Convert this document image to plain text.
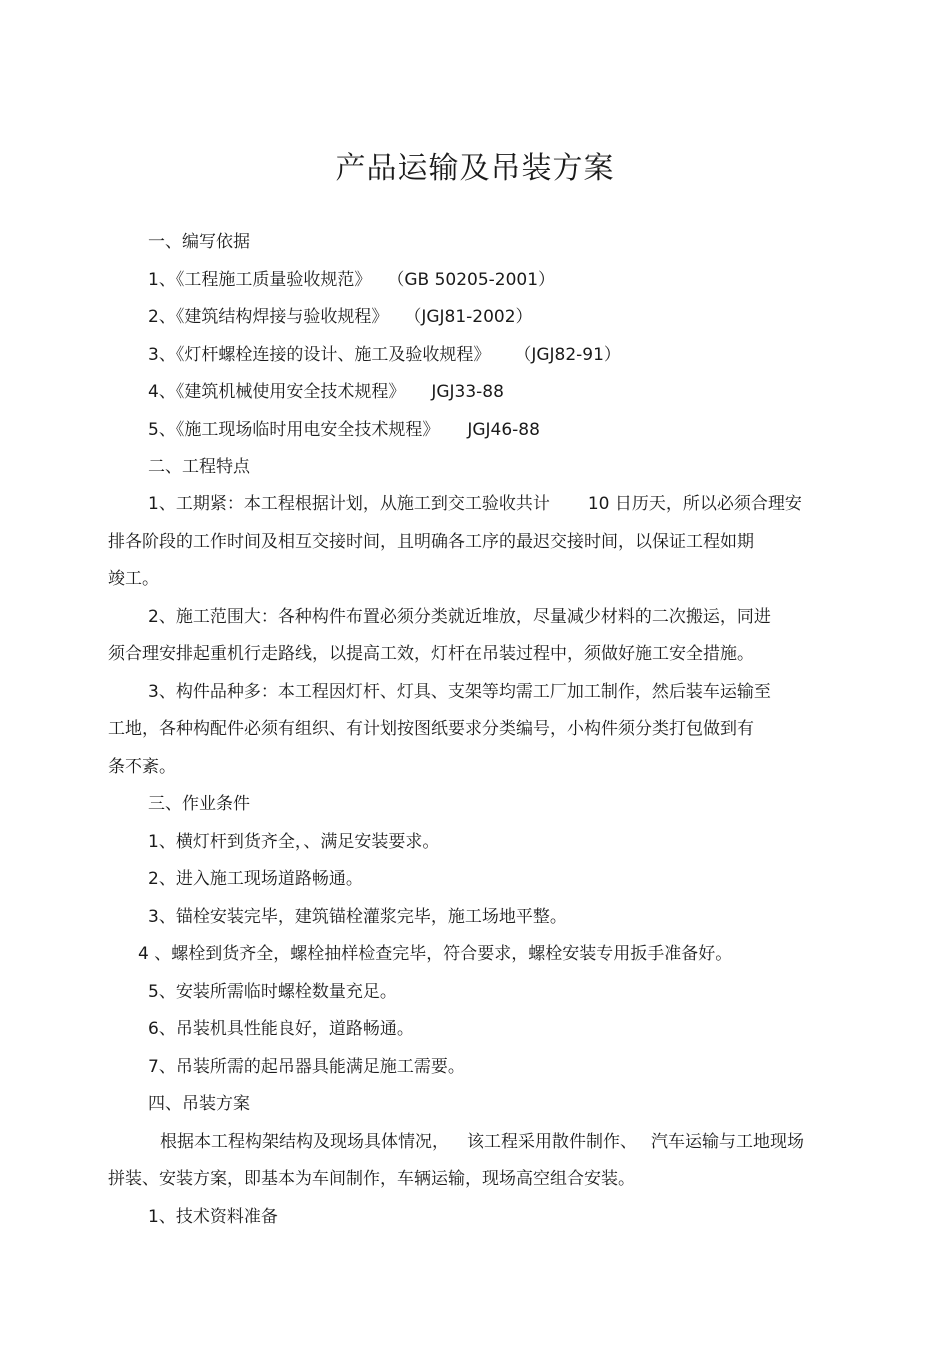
产品运输及吊装方案
一、编写依据
1、《工程施工质量验收规范》 （GB 50205-2001）
2、《建筑结构焊接与验收规程》 （JGJ81-2002）
3、《灯杆螺栓连接的设计、施工及验收规程》 （JGJ82-91）
4、《建筑机械使用安全技术规程》 JGJ33-88
5、《施工现场临时用电安全技术规程》 JGJ46-88
二、工程特点
1、工期紧：本工程根据计划，从施工到交工验收共计 10 日历天，所以必须合理安
排各阶段的工作时间及相互交接时间，且明确各工序的最迟交接时间，以保证工程如期
竣工。
2、施工范围大：各种构件布置必须分类就近堆放，尽量减少材料的二次搬运，同进
须合理安排起重机行走路线，以提高工效，灯杆在吊装过程中，须做好施工安全措施。
3、构件品种多：本工程因灯杆、灯具、支架等均需工厂加工制作，然后装车运输至
工地，各种构配件必须有组织、有计划按图纸要求分类编号，小构件须分类打包做到有
条不紊。
三、作业条件
1、横灯杆到货齐全，、满足安装要求。
2、进入施工现场道路畅通。
3、锚栓安装完毕，建筑锚栓灌浆完毕，施工场地平整。
4 、螺栓到货齐全，螺栓抽样检查完毕，符合要求，螺栓安装专用扳手准备好。
5、安装所需临时螺栓数量充足。
6、吊装机具性能良好，道路畅通。
7、吊装所需的起吊器具能满足施工需要。
四、吊装方案
根据本工程构架结构及现场具体情况， 该工程采用散件制作、 汽车运输与工地现场
拼装、安装方案，即基本为车间制作，车辆运输，现场高空组合安装。
1、技术资料准备
